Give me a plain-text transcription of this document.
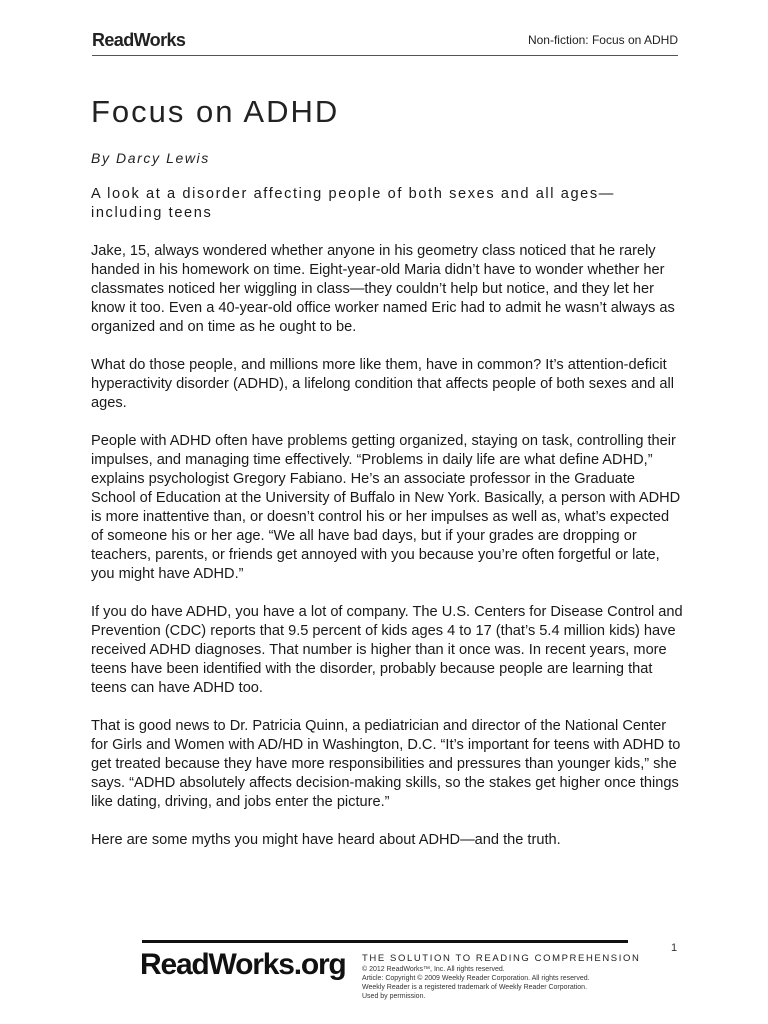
ReadWorks	Non-fiction: Focus on ADHD
Focus on ADHD
By Darcy Lewis

A look at a disorder affecting people of both sexes and all ages—including teens

Jake, 15, always wondered whether anyone in his geometry class noticed that he rarely handed in his homework on time. Eight-year-old Maria didn’t have to wonder whether her classmates noticed her wiggling in class—they couldn’t help but notice, and they let her know it too. Even a 40-year-old office worker named Eric had to admit he wasn’t always as organized and on time as he ought to be.

What do those people, and millions more like them, have in common? It’s attention-deficit hyperactivity disorder (ADHD), a lifelong condition that affects people of both sexes and all ages.

People with ADHD often have problems getting organized, staying on task, controlling their impulses, and managing time effectively. “Problems in daily life are what define ADHD,” explains psychologist Gregory Fabiano. He’s an associate professor in the Graduate School of Education at the University of Buffalo in New York. Basically, a person with ADHD is more inattentive than, or doesn’t control his or her impulses as well as, what’s expected of someone his or her age. “We all have bad days, but if your grades are dropping or teachers, parents, or friends get annoyed with you because you’re often forgetful or late, you might have ADHD.”

If you do have ADHD, you have a lot of company. The U.S. Centers for Disease Control and Prevention (CDC) reports that 9.5 percent of kids ages 4 to 17 (that’s 5.4 million kids) have received ADHD diagnoses. That number is higher than it once was. In recent years, more teens have been identified with the disorder, probably because people are learning that teens can have ADHD too.

That is good news to Dr. Patricia Quinn, a pediatrician and director of the National Center for Girls and Women with AD/HD in Washington, D.C. “It’s important for teens with ADHD to get treated because they have more responsibilities and pressures than younger kids,” she says. “ADHD absolutely affects decision-making skills, so the stakes get higher once things like dating, driving, and jobs enter the picture.”

Here are some myths you might have heard about ADHD—and the truth.

1
ReadWorks.org THE SOLUTION TO READING COMPREHENSION
© 2012 ReadWorks™, Inc. All rights reserved.
Article: Copyright © 2009 Weekly Reader Corporation. All rights reserved.
Weekly Reader is a registered trademark of Weekly Reader Corporation.
Used by permission.
